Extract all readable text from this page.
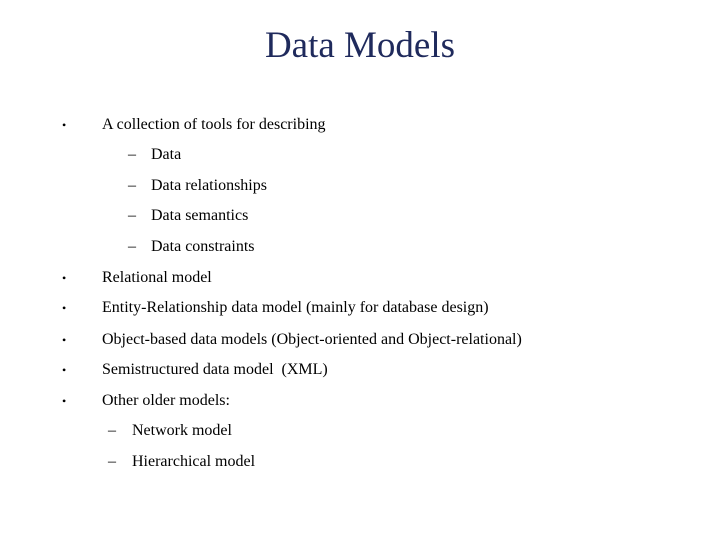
Data Models
• A collection of tools for describing
– Data
– Data relationships
– Data semantics
– Data constraints
• Relational model
• Entity-Relationship data model (mainly for database design)
• Object-based data models (Object-oriented and Object-relational)
• Semistructured data model  (XML)
• Other older models:
– Network model
– Hierarchical model
